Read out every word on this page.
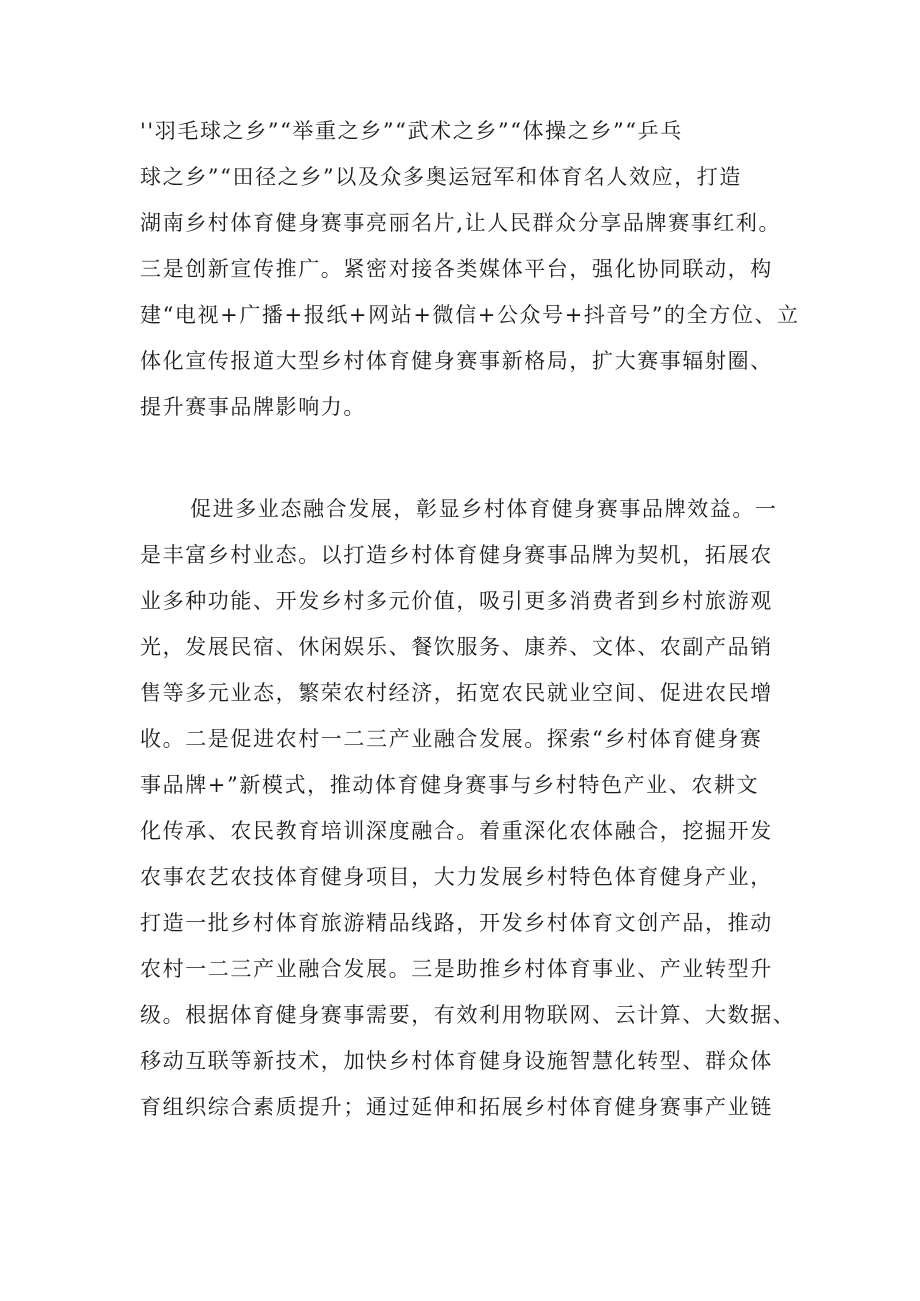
''羽毛球之乡”“举重之乡”“武术之乡”“体操之乡”“乒乓
球之乡”“田径之乡”以及众多奥运冠军和体育名人效应，打造
湖南乡村体育健身赛事亮丽名片,让人民群众分享品牌赛事红利。
三是创新宣传推广。紧密对接各类媒体平台，强化协同联动，构
建“电视+广播+报纸+网站+微信+公众号+抖音号”的全方位、立
体化宣传报道大型乡村体育健身赛事新格局，扩大赛事辐射圈、
提升赛事品牌影响力。
促进多业态融合发展，彰显乡村体育健身赛事品牌效益。一
是丰富乡村业态。以打造乡村体育健身赛事品牌为契机，拓展农
业多种功能、开发乡村多元价值，吸引更多消费者到乡村旅游观
光，发展民宿、休闲娱乐、餐饮服务、康养、文体、农副产品销
售等多元业态，繁荣农村经济，拓宽农民就业空间、促进农民增
收。二是促进农村一二三产业融合发展。探索“乡村体育健身赛
事品牌+”新模式，推动体育健身赛事与乡村特色产业、农耕文
化传承、农民教育培训深度融合。着重深化农体融合，挖掘开发
农事农艺农技体育健身项目，大力发展乡村特色体育健身产业，
打造一批乡村体育旅游精品线路，开发乡村体育文创产品，推动
农村一二三产业融合发展。三是助推乡村体育事业、产业转型升
级。根据体育健身赛事需要，有效利用物联网、云计算、大数据、
移动互联等新技术，加快乡村体育健身设施智慧化转型、群众体
育组织综合素质提升；通过延伸和拓展乡村体育健身赛事产业链
